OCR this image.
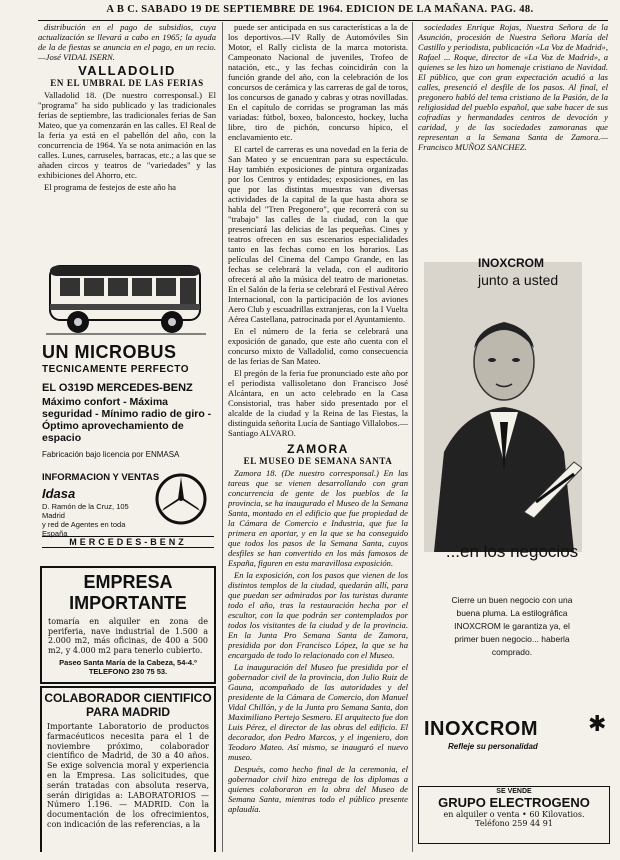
A B C. SABADO 19 DE SEPTIEMBRE DE 1964. EDICION DE LA MAÑANA. PAG. 48.

distribución en el pago de subsidios, cuya actualización se llevará a cabo en 1965; la ayuda de la de fiestas se anuncia en el pago, en un recio.—José VIDAL ISERN.

VALLADOLID
EN EL UMBRAL DE LAS FERIAS

Valladolid 18. (De nuestro corresponsal.) El "programa" ha sido publicado y las tradicionales ferias de septiembre, las tradicionales ferias de San Mateo, que ya comenzarán en las calles. El Real de la feria ya está en el pabellón del año, con la concurrencia de 1964. Ya se nota animación en las calles. Lunes, carruseles, barracas, etc.; a las que se añaden circos y teatros de "variedades" y las exhibiciones del Ahorro, etc.

El programa de festejos de este año ha

UN MICROBUS
TECNICAMENTE PERFECTO
EL O319D MERCEDES-BENZ
Máximo confort - Máxima seguridad - Mínimo radio de giro - Óptimo aprovechamiento de espacio
Fabricación bajo licencia por ENMASA
INFORMACION Y VENTAS
Idasa
D. Ramón de la Cruz, 105 Madrid
y red de Agentes en toda España
MERCEDES-BENZ
EMPRESA
IMPORTANTE
tomaría en alquiler en zona de periferia, nave industrial de 1.500 a 2.000 m2, más oficinas, de 400 a 500 m2, y 4.000 m2 para tenerlo cubierto.
Paseo Santa María de la Cabeza, 54-4.º TELEFONO 230 75 53.
COLABORADOR CIENTIFICO PARA MADRID
Importante Laboratorio de productos farmacéuticos necesita para el 1 de noviembre próximo, colaborador científico de Madrid, de 30 a 40 años. Se exige solvencia moral y experiencia en la Empresa. Las solicitudes, que serán tratadas con absoluta reserva, serán dirigidas a: LABORATORIOS — Número 1.196. — MADRID. Con la documentación de los ofrecimientos, con indicación de las referencias, a la

puede ser anticipada en sus características a la de los deportivos.—IV Rally de Automóviles Sin Motor, el Rally ciclista de la marca motorista. Campeonato Nacional de juveniles, Trofeo de natación, etc., y las fechas coincidirán con la función grande del año, con la celebración de los concursos de cerámica y las carreras de gal de toros, los concursos de ganado y cabras y otras novilladas. En el capítulo de corridas se programan las más variadas: fútbol, boxeo, baloncesto, hockey, lucha libre, tiro de pichón, concurso hípico, el enclavamiento etc.

El cartel de carreras es una novedad en la feria de San Mateo y se encuentran para su espectáculo. Hay también exposiciones de pintura organizadas por los Centros y entidades; exposiciones, en las que por las distintas muestras van diversas actividades de la capital de la que hasta ahora se habla del "Tren Pregonero", que recorrerá con su "trabajo" las calles de la ciudad, con la que presenciará las delicias de las pequeñas. Cines y teatros ofrecen en sus escenarios especialidades tanto en las fechas como en los horarios. Las películas del Cinema del Campo Grande, en las fechas se celebrará la velada, con el auditorio ofrecerá al año la música del teatro de marionetas. En el Salón de la feria se celebrará el Festival Aéreo Internacional, con la participación de los aviones Aero Club y escuadrillas extranjeras, con la I Vuelta Aérea Castellana, patrocinada por el Ayuntamiento.

En el número de la feria se celebrará una exposición de ganado, que este año cuenta con el concurso mixto de Valladolid, como consecuencia de las ferias de San Mateo.

El pregón de la feria fue pronunciado este año por el periodista vallisoletano don Francisco José Alcántara, en un acto celebrado en la Casa Consistorial, tras haber sido presentado por el alcalde de la ciudad y la Reina de las Fiestas, la distinguida señorita Lucía de Santiago Villalobos.—Santiago ALVARO.

ZAMORA
EL MUSEO DE SEMANA SANTA

Zamora 18. (De nuestro corresponsal.) En las tareas que se vienen desarrollando con gran concurrencia de gente de los pueblos de la provincia, se ha inaugurado el Museo de la Semana Santa, montado en el edificio que fue propiedad de la Cámara de Comercio e Industria, que fue la primera en aportar, y en la que se ha conseguido que todos los pasos de la Semana Santa, cuyos desfiles se han convertido en los más famosos de España, figuren en esta maravillosa exposición.

En la exposición, con los pasos que vienen de los distintos templos de la ciudad, quedarán allí, para que puedan ser admirados por los turistas durante todo el año, tras la restauración hecha por el escultor, con la que podrán ser contemplados por todos los visitantes de la ciudad y de la provincia. En la Junta Pro Semana Santa de Zamora, presidida por don Francisco López, la que se ha encargado de todo lo relacionado con el Museo.

La inauguración del Museo fue presidida por el gobernador civil de la provincia, don Julio Ruiz de Gauna, acompañado de las autoridades y del presidente de la Cámara de Comercio, don Manuel Vidal Chillón, y de la Junta pro Semana Santa, don Maximiliano Pertejo Sesmero. El arquitecto fue don Luis Pérez, el director de las obras del edificio. El decorador, don Pedro Marcos, y el ingeniero, don Teodoro Mateo. Así mismo, se inauguró el nuevo museo.

Después, como hecho final de la ceremonia, el gobernador civil hizo entrega de los diplomas a quienes colaboraron en la obra del Museo de Semana Santa, mientras todo el público presente aplaudía.

sociedades Enrique Rojas, Nuestra Señora de la Asunción, procesión de Nuestra Señora María del Castillo y periodista, publicación «La Voz de Madrid», Rafael ... Roque, director de «La Voz de Madrid», a quienes se les hizo un homenaje cristiano de Navidad. El público, que con gran expectación acudió a las calles, presenció el desfile de los pasos. Al final, el pregonero habló del tema cristiano de la Pasión, de la religiosidad del pueblo español, que sabe hacer de sus cofradías y hermandades centros de devoción y caridad, y de las sociedades zamoranas que representan a la Semana Santa de Zamora.—Francisco MUÑOZ SANCHEZ.

INOXCROM
junto a usted
...en los negocios
Cierre un buen negocio con una buena pluma. La estilográfica INOXCROM le garantiza ya, el primer buen negocio... haberla comprado.
INOXCROM
Refleje su personalidad
✱
SE VENDE
GRUPO ELECTROGENO
en alquiler o venta • 60 Kilovatios.
Teléfono 259 44 91
